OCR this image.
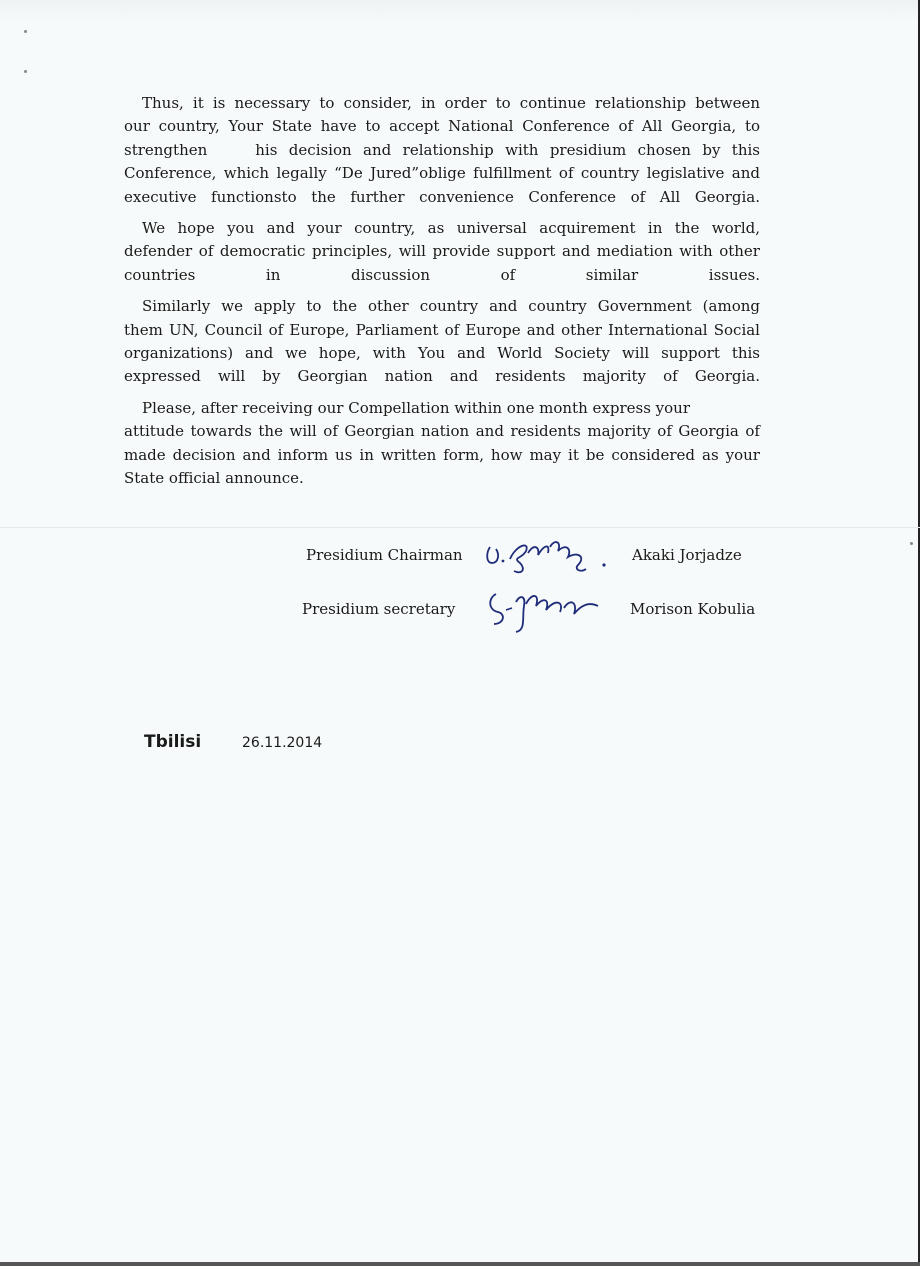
Thus, it is necessary to consider, in order to continue relationship between
our country, Your State have to accept National Conference of All Georgia, to strengthen	his decision and relationship with presidium chosen by this Conference, which legally “De Jured”oblige fulfillment of country legislative and executive functionsto the further convenience Conference of All Georgia.

We hope you and your country, as universal acquirement in the world,
defender of democratic principles, will provide support and mediation with other countries in discussion of similar issues.

Similarly we apply to the other country and country Government (among
them UN, Council of Europe, Parliament of Europe and other International Social organizations) and we hope, with You and World Society will support this expressed will by Georgian nation and residents majority of Georgia.

Please, after receiving our Compellation within one month express your
attitude towards the will of Georgian nation and residents majority of Georgia of made decision and inform us in written form, how may it be considered as your State official announce.

Presidium Chairman	Akaki Jorjadze
Presidium secretary	Morison Kobulia
Tbilisi	26.11.2014
